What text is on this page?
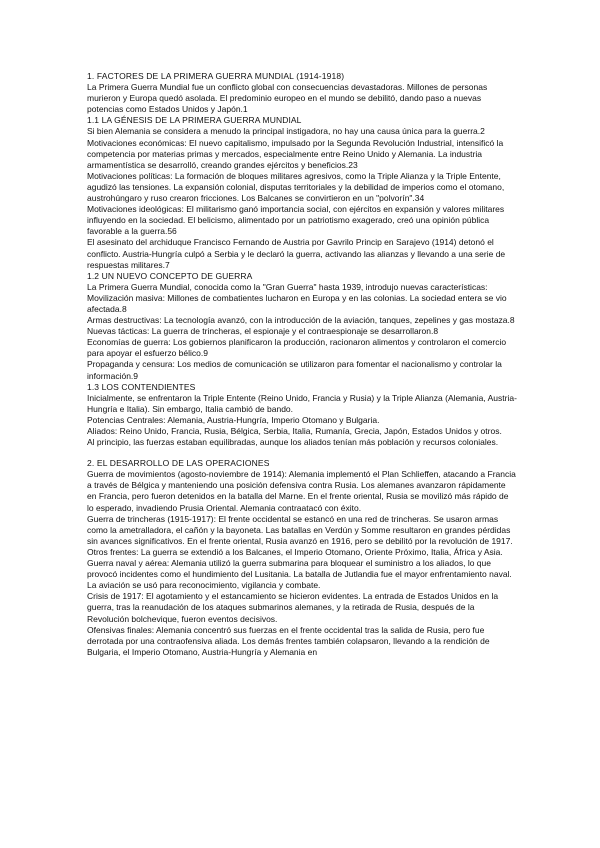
1. FACTORES DE LA PRIMERA GUERRA MUNDIAL (1914-1918)

La Primera Guerra Mundial fue un conflicto global con consecuencias devastadoras. Millones de personas murieron y Europa quedó asolada. El predominio europeo en el mundo se debilitó, dando paso a nuevas potencias como Estados Unidos y Japón.1

1.1 LA GÉNESIS DE LA PRIMERA GUERRA MUNDIAL

Si bien Alemania se considera a menudo la principal instigadora, no hay una causa única para la guerra.2

Motivaciones económicas: El nuevo capitalismo, impulsado por la Segunda Revolución Industrial, intensificó la competencia por materias primas y mercados, especialmente entre Reino Unido y Alemania. La industria armamentística se desarrolló, creando grandes ejércitos y beneficios.23

Motivaciones políticas: La formación de bloques militares agresivos, como la Triple Alianza y la Triple Entente, agudizó las tensiones. La expansión colonial, disputas territoriales y la debilidad de imperios como el otomano, austrohúngaro y ruso crearon fricciones. Los Balcanes se convirtieron en un "polvorín".34

Motivaciones ideológicas: El militarismo ganó importancia social, con ejércitos en expansión y valores militares influyendo en la sociedad. El belicismo, alimentado por un patriotismo exagerado, creó una opinión pública favorable a la guerra.56

El asesinato del archiduque Francisco Fernando de Austria por Gavrilo Princip en Sarajevo (1914) detonó el conflicto. Austria-Hungría culpó a Serbia y le declaró la guerra, activando las alianzas y llevando a una serie de respuestas militares.7

1.2 UN NUEVO CONCEPTO DE GUERRA

La Primera Guerra Mundial, conocida como la "Gran Guerra" hasta 1939, introdujo nuevas características:

Movilización masiva: Millones de combatientes lucharon en Europa y en las colonias. La sociedad entera se vio afectada.8

Armas destructivas: La tecnología avanzó, con la introducción de la aviación, tanques, zepelines y gas mostaza.8

Nuevas tácticas: La guerra de trincheras, el espionaje y el contraespionaje se desarrollaron.8

Economías de guerra: Los gobiernos planificaron la producción, racionaron alimentos y controlaron el comercio para apoyar el esfuerzo bélico.9

Propaganda y censura: Los medios de comunicación se utilizaron para fomentar el nacionalismo y controlar la información.9

1.3 LOS CONTENDIENTES

Inicialmente, se enfrentaron la Triple Entente (Reino Unido, Francia y Rusia) y la Triple Alianza (Alemania, Austria-Hungría e Italia). Sin embargo, Italia cambió de bando.

Potencias Centrales: Alemania, Austria-Hungría, Imperio Otomano y Bulgaria.

Aliados: Reino Unido, Francia, Rusia, Bélgica, Serbia, Italia, Rumanía, Grecia, Japón, Estados Unidos y otros.

Al principio, las fuerzas estaban equilibradas, aunque los aliados tenían más población y recursos coloniales.

2. EL DESARROLLO DE LAS OPERACIONES

Guerra de movimientos (agosto-noviembre de 1914): Alemania implementó el Plan Schlieffen, atacando a Francia a través de Bélgica y manteniendo una posición defensiva contra Rusia. Los alemanes avanzaron rápidamente en Francia, pero fueron detenidos en la batalla del Marne. En el frente oriental, Rusia se movilizó más rápido de lo esperado, invadiendo Prusia Oriental. Alemania contraatacó con éxito.

Guerra de trincheras (1915-1917): El frente occidental se estancó en una red de trincheras. Se usaron armas como la ametralladora, el cañón y la bayoneta. Las batallas en Verdún y Somme resultaron en grandes pérdidas sin avances significativos. En el frente oriental, Rusia avanzó en 1916, pero se debilitó por la revolución de 1917.

Otros frentes: La guerra se extendió a los Balcanes, el Imperio Otomano, Oriente Próximo, Italia, África y Asia.

Guerra naval y aérea: Alemania utilizó la guerra submarina para bloquear el suministro a los aliados, lo que provocó incidentes como el hundimiento del Lusitania. La batalla de Jutlandia fue el mayor enfrentamiento naval. La aviación se usó para reconocimiento, vigilancia y combate.

Crisis de 1917: El agotamiento y el estancamiento se hicieron evidentes. La entrada de Estados Unidos en la guerra, tras la reanudación de los ataques submarinos alemanes, y la retirada de Rusia, después de la Revolución bolchevique, fueron eventos decisivos.

Ofensivas finales: Alemania concentró sus fuerzas en el frente occidental tras la salida de Rusia, pero fue derrotada por una contraofensiva aliada. Los demás frentes también colapsaron, llevando a la rendición de Bulgaria, el Imperio Otomano, Austria-Hungría y Alemania en
